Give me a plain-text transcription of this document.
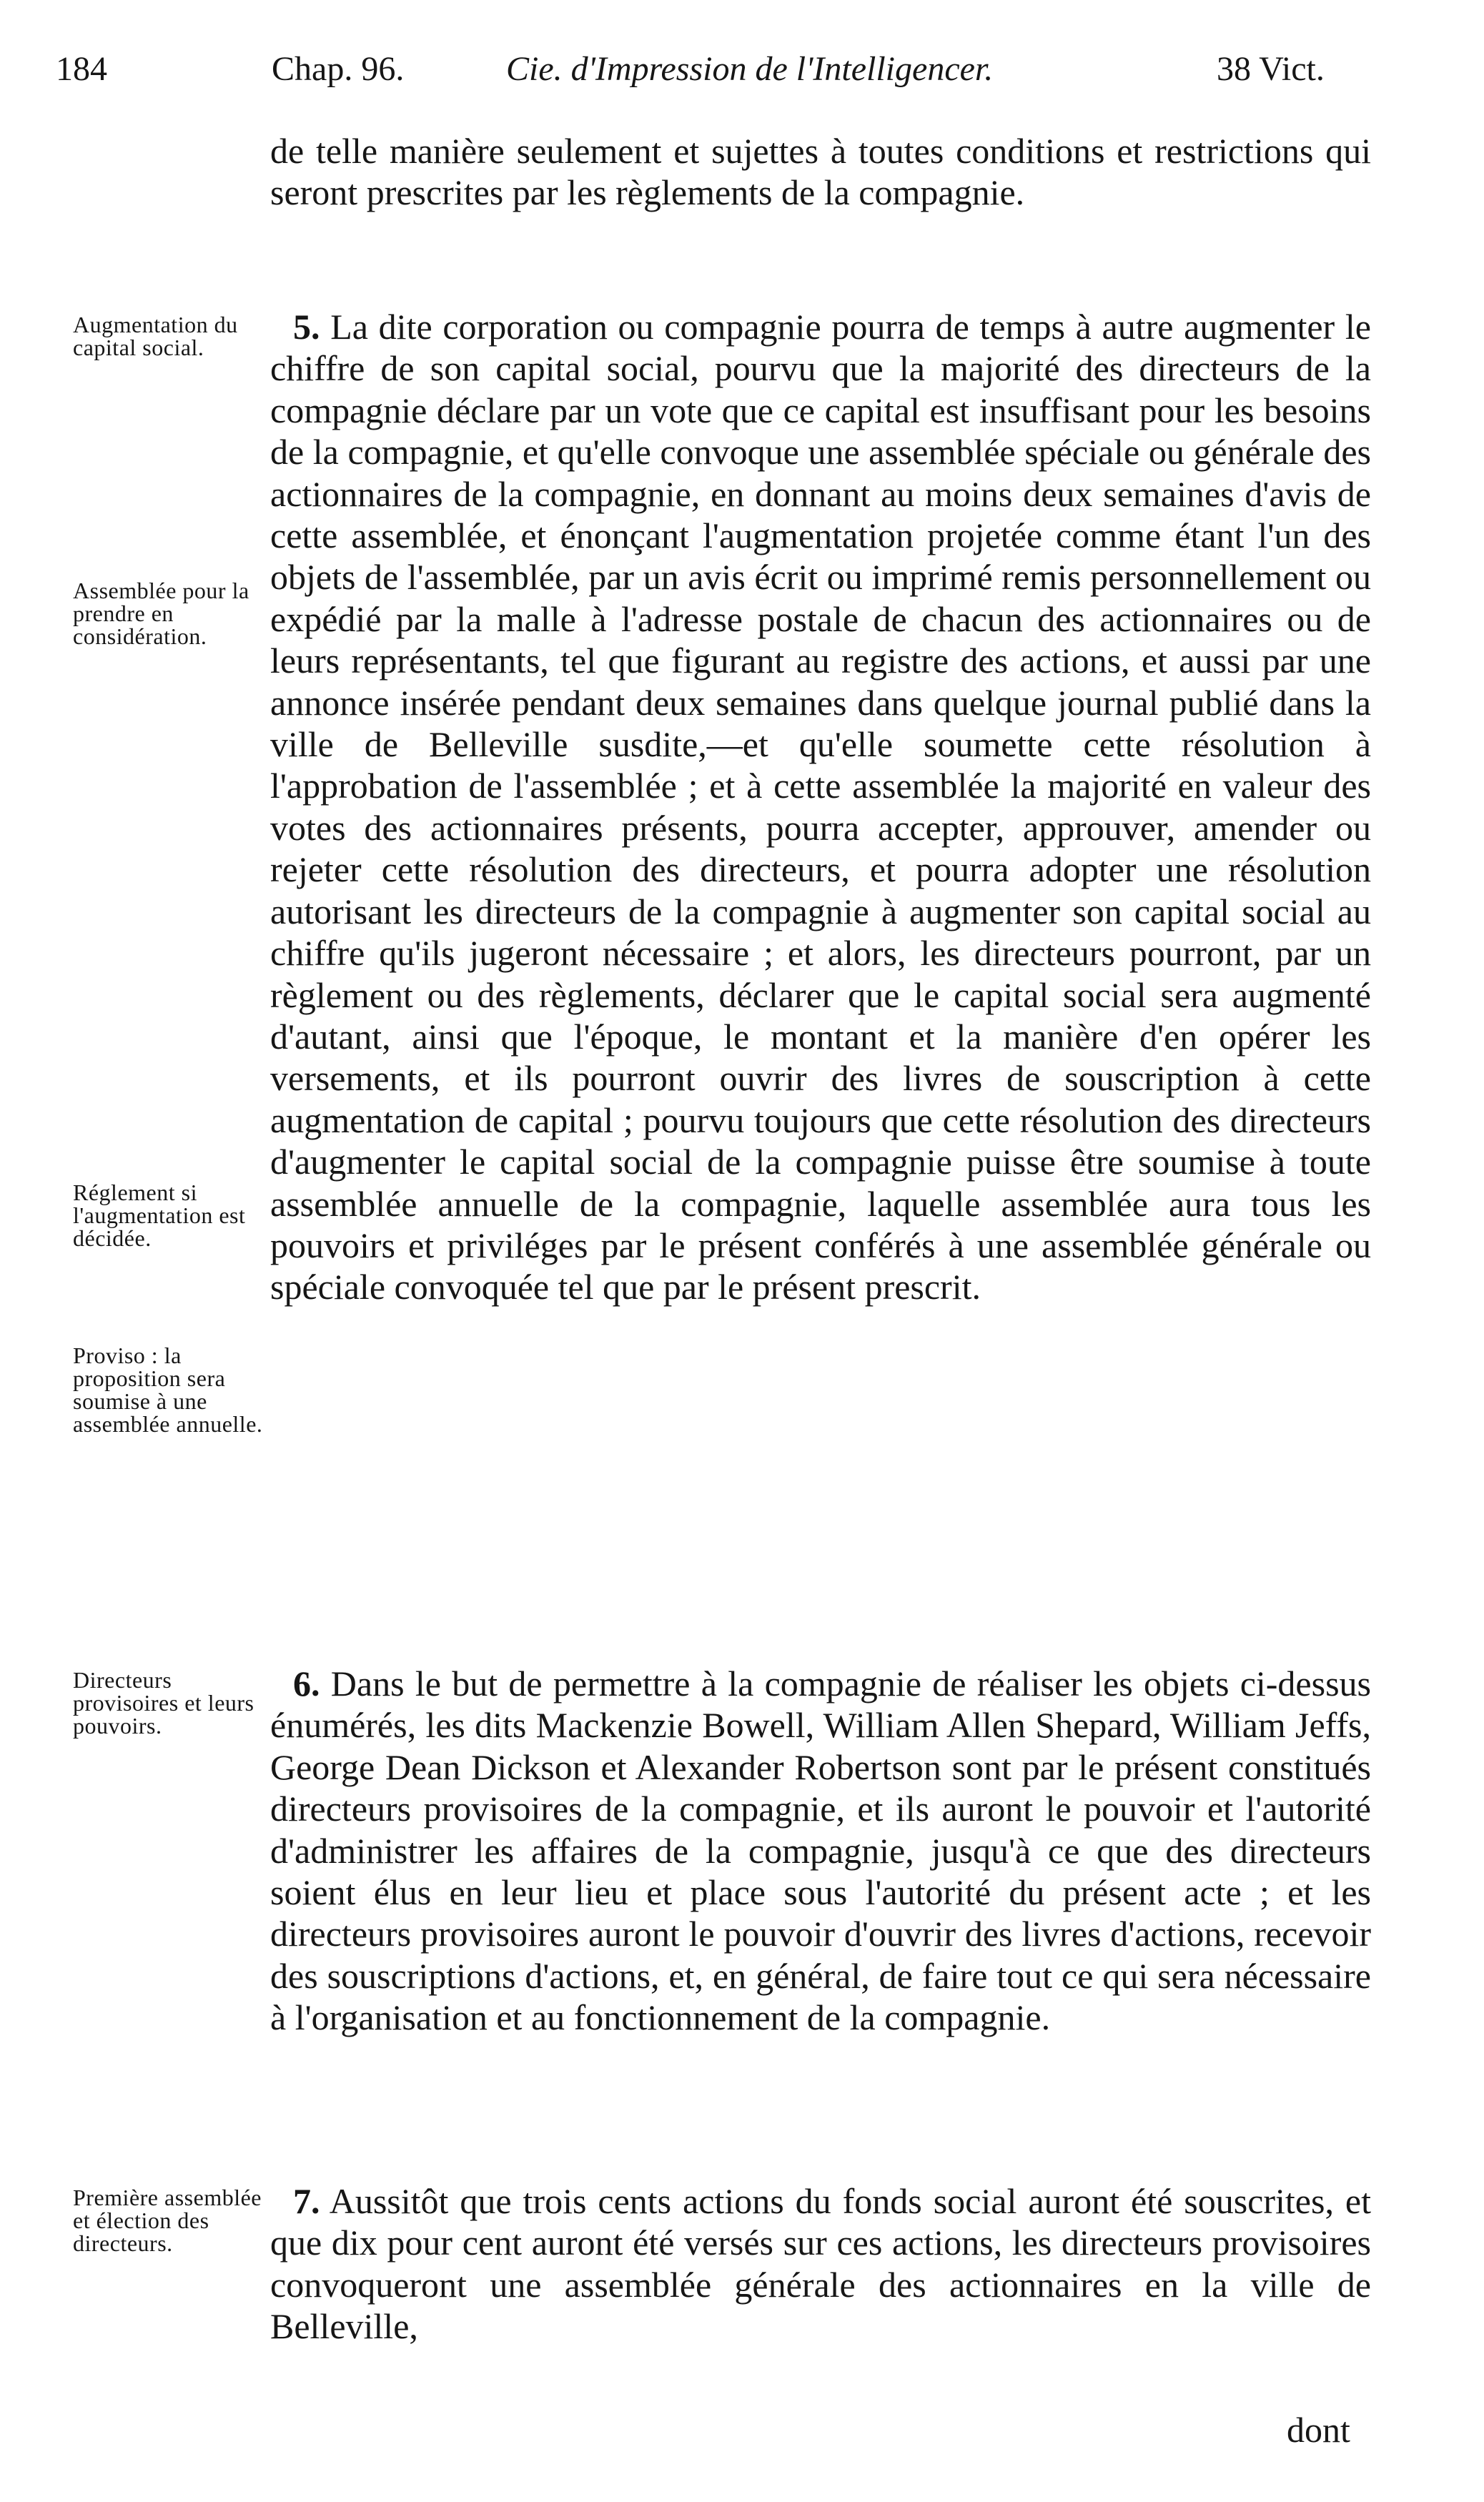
184	Chap. 96.	Cie. d'Impression de l'Intelligencer.	38 Vict.

de telle manière seulement et sujettes à toutes conditions et restrictions qui seront prescrites par les règlements de la compagnie.

5. La dite corporation ou compagnie pourra de temps à autre augmenter le chiffre de son capital social, pourvu que la majorité des directeurs de la compagnie déclare par un vote que ce capital est insuffisant pour les besoins de la compagnie, et qu'elle convoque une assemblée spéciale ou générale des actionnaires de la compagnie, en donnant au moins deux semaines d'avis de cette assemblée, et énonçant l'augmentation projetée comme étant l'un des objets de l'assemblée, par un avis écrit ou imprimé remis personnellement ou expédié par la malle à l'adresse postale de chacun des actionnaires ou de leurs représentants, tel que figurant au registre des actions, et aussi par une annonce insérée pendant deux semaines dans quelque journal publié dans la ville de Belleville susdite,—et qu'elle soumette cette résolution à l'approbation de l'assemblée ; et à cette assemblée la majorité en valeur des votes des actionnaires présents, pourra accepter, approuver, amender ou rejeter cette résolution des directeurs, et pourra adopter une résolution autorisant les directeurs de la compagnie à augmenter son capital social au chiffre qu'ils jugeront nécessaire ; et alors, les directeurs pourront, par un règlement ou des règlements, déclarer que le capital social sera augmenté d'autant, ainsi que l'époque, le montant et la manière d'en opérer les versements, et ils pourront ouvrir des livres de souscription à cette augmentation de capital ; pourvu toujours que cette résolution des directeurs d'augmenter le capital social de la compagnie puisse être soumise à toute assemblée annuelle de la compagnie, laquelle assemblée aura tous les pouvoirs et priviléges par le présent conférés à une assemblée générale ou spéciale convoquée tel que par le présent prescrit.

6. Dans le but de permettre à la compagnie de réaliser les objets ci-dessus énumérés, les dits Mackenzie Bowell, William Allen Shepard, William Jeffs, George Dean Dickson et Alexander Robertson sont par le présent constitués directeurs provisoires de la compagnie, et ils auront le pouvoir et l'autorité d'administrer les affaires de la compagnie, jusqu'à ce que des directeurs soient élus en leur lieu et place sous l'autorité du présent acte ; et les directeurs provisoires auront le pouvoir d'ouvrir des livres d'actions, recevoir des souscriptions d'actions, et, en général, de faire tout ce qui sera nécessaire à l'organisation et au fonctionnement de la compagnie.

7. Aussitôt que trois cents actions du fonds social auront été souscrites, et que dix pour cent auront été versés sur ces actions, les directeurs provisoires convoqueront une assemblée générale des actionnaires en la ville de Belleville,

dont
Augmentation du capital social.
Assemblée pour la prendre en considération.
Réglement si l'augmentation est décidée.
Proviso : la proposition sera soumise à une assemblée annuelle.
Directeurs provisoires et leurs pouvoirs.
Première assemblée et élection des directeurs.
